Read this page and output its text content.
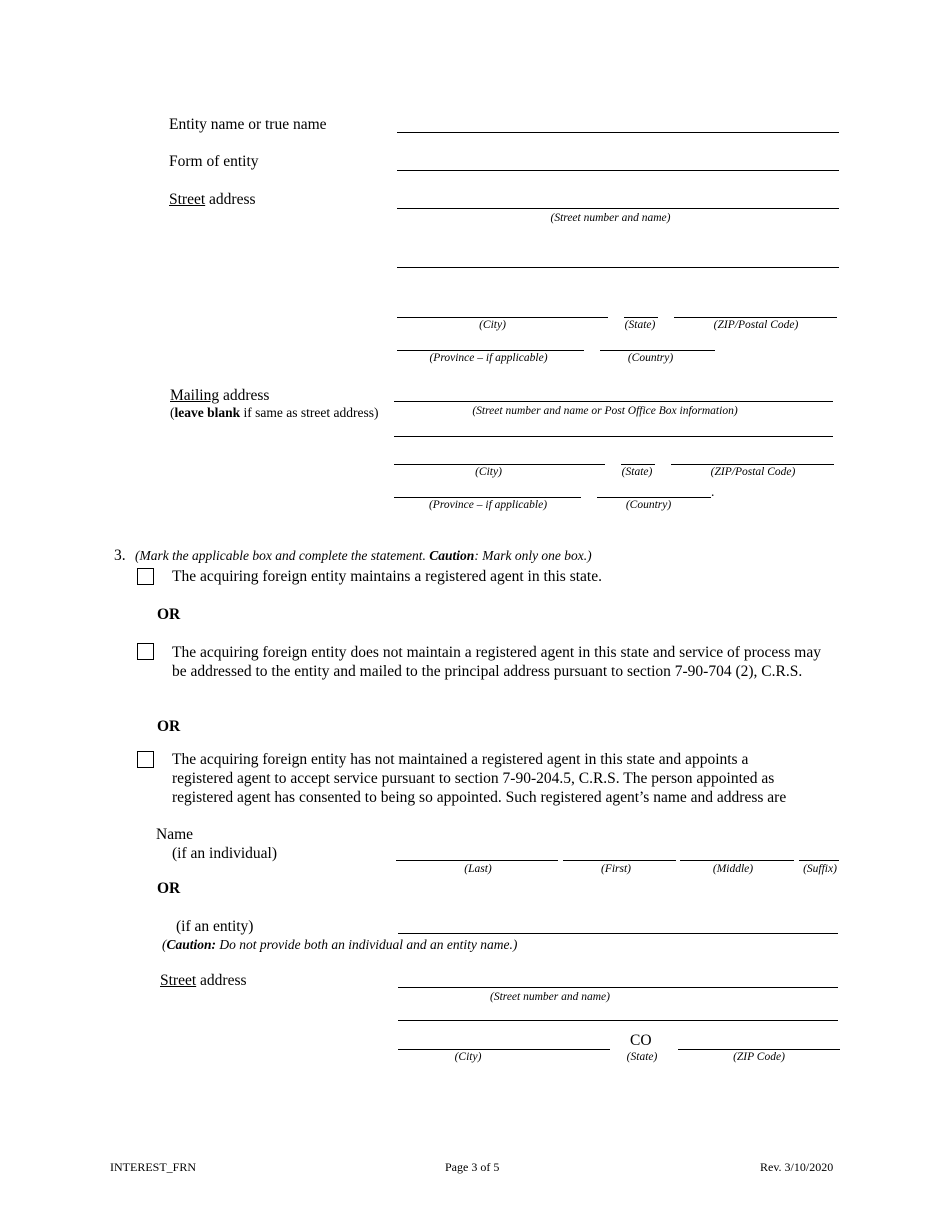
Entity name or true name
Form of entity
Street address
(Street number and name)
(City)	(State)	(ZIP/Postal Code)
(Province – if applicable)	(Country)
Mailing address
(leave blank if same as street address)	(Street number and name or Post Office Box information)
(City)	(State)	(ZIP/Postal Code)
.
(Province – if applicable)	(Country)
3. (Mark the applicable box and complete the statement. Caution: Mark only one box.)
The acquiring foreign entity maintains a registered agent in this state.
OR
The acquiring foreign entity does not maintain a registered agent in this state and service of process may be addressed to the entity and mailed to the principal address pursuant to section 7-90-704 (2), C.R.S.
OR
The acquiring foreign entity has not maintained a registered agent in this state and appoints a
registered agent to accept service pursuant to section 7-90-204.5, C.R.S. The person appointed as
registered agent has consented to being so appointed. Such registered agent’s name and address are
Name
(if an individual)
(Last)	(First)	(Middle)	(Suffix)
OR
(if an entity)
(Caution: Do not provide both an individual and an entity name.)
Street address
(Street number and name)
CO
(City)	(State)	(ZIP Code)
INTEREST_FRN	Page 3 of 5	Rev. 3/10/2020
